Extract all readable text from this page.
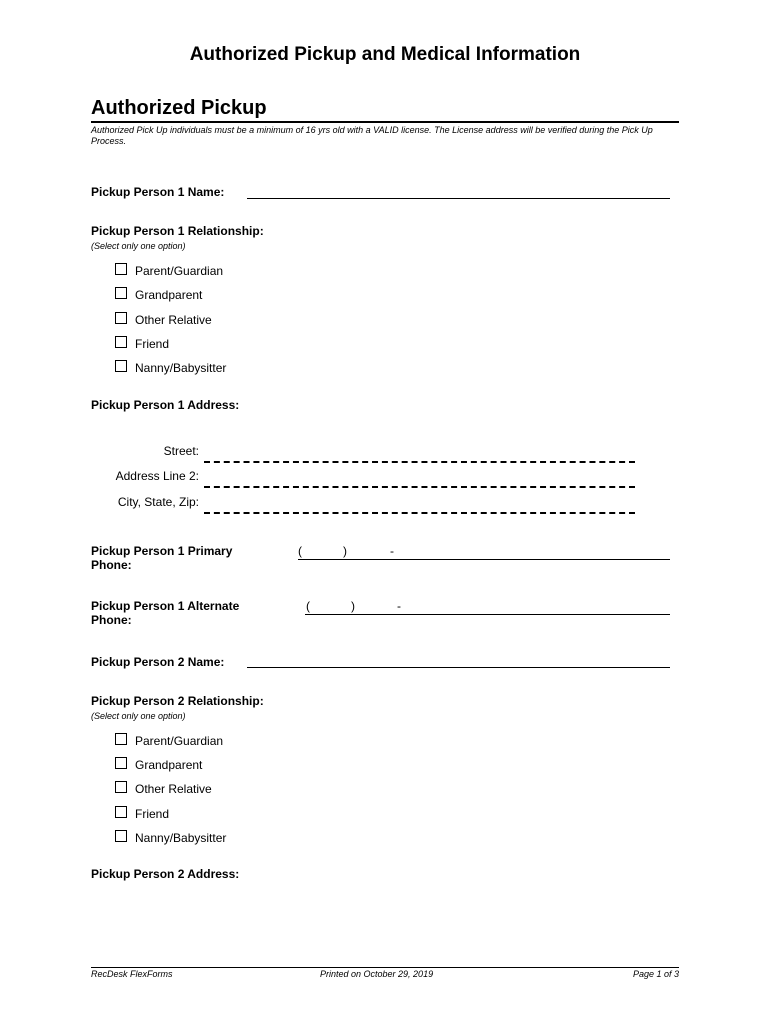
Authorized Pickup and Medical Information
Authorized Pickup
Authorized Pick Up individuals must be a minimum of 16 yrs old with a VALID license. The License address will be verified during the Pick Up Process.
Pickup Person 1 Name:
Pickup Person 1 Relationship:
(Select only one option)
Parent/Guardian
Grandparent
Other Relative
Friend
Nanny/Babysitter
Pickup Person 1 Address:
Street:
Address Line 2:
City, State, Zip:
Pickup Person 1 Primary
Phone:
(	)	-
Pickup Person 1 Alternate
Phone:
(	)	-
Pickup Person 2 Name:
Pickup Person 2 Relationship:
(Select only one option)
Parent/Guardian
Grandparent
Other Relative
Friend
Nanny/Babysitter
Pickup Person 2 Address:
RecDesk FlexForms	Printed on October 29, 2019	Page 1 of 3
